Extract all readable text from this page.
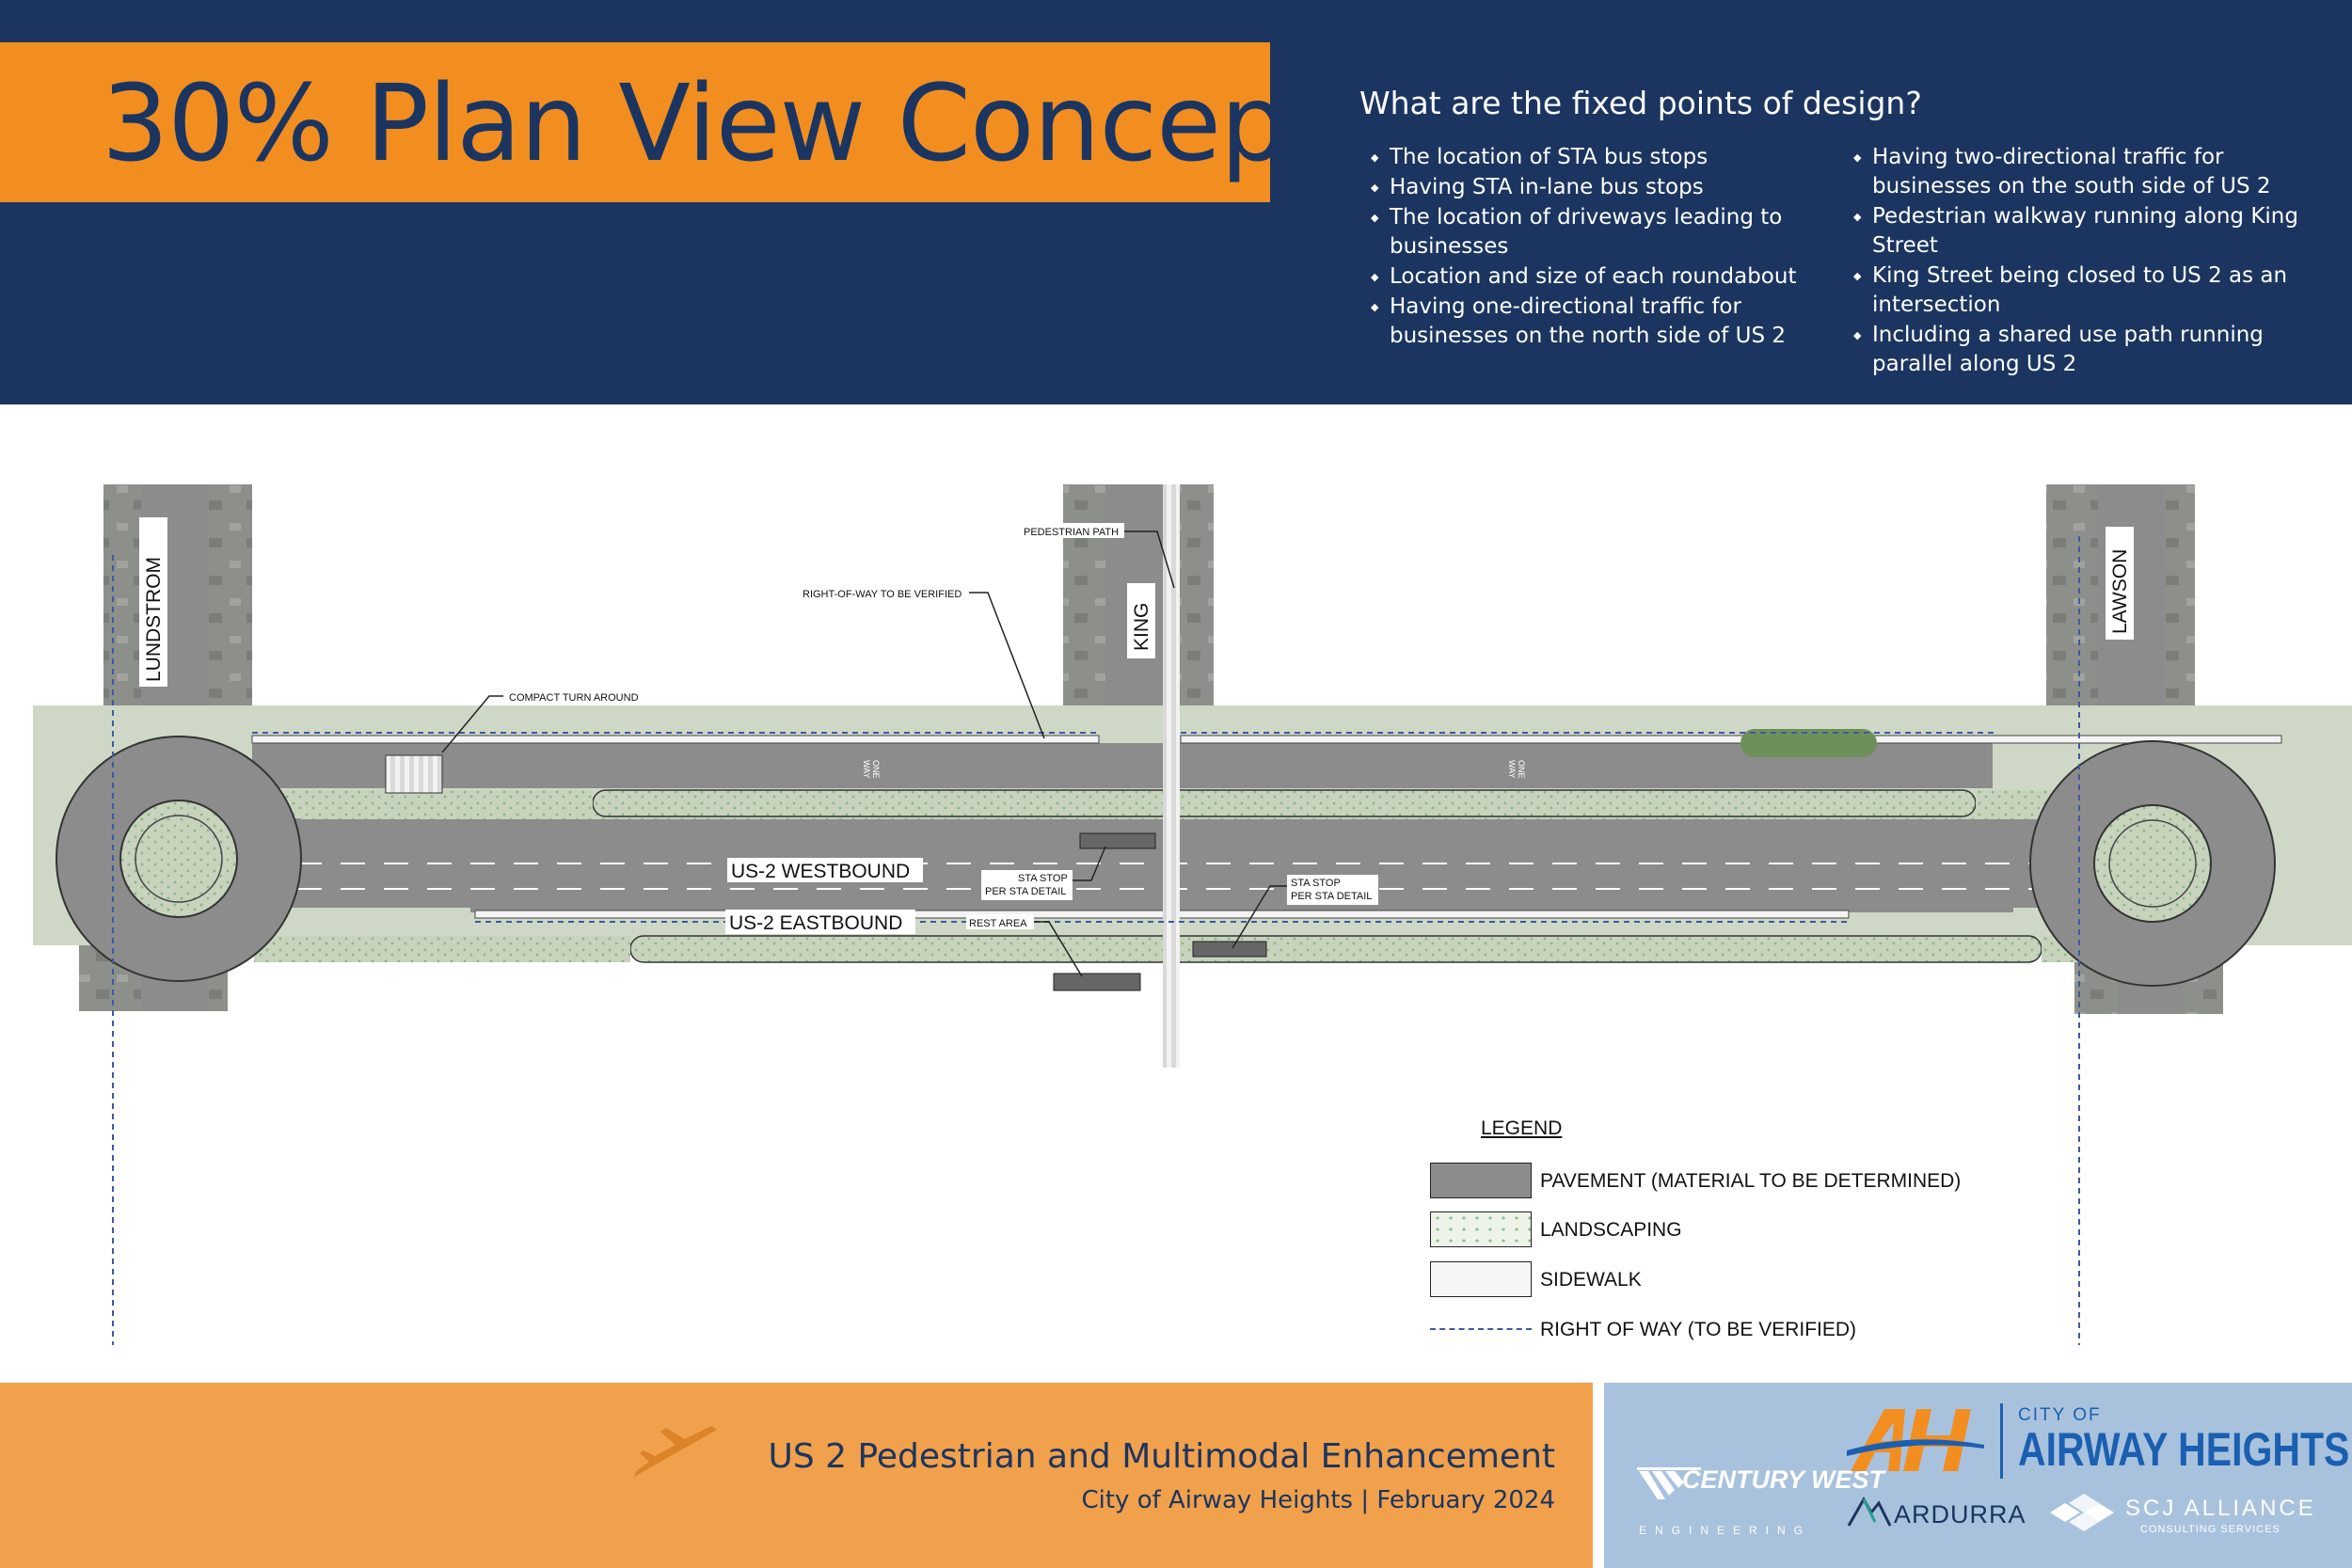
30% Plan View Concept What are the fixed points of design?
◆ The location of STA bus stops
◆ Having STA in-lane bus stops
◆ The location of driveways leading to businesses
◆ Location and size of each roundabout
◆ Having one-directional traffic for businesses on the north side of US 2
◆ Having two-directional traffic for businesses on the south side of US 2
◆ Pedestrian walkway running along King Street
◆ King Street being closed to US 2 as an intersection
◆ Including a shared use path running parallel along US 2
LUNDSTROM	KING	LAWSON
US-2 WESTBOUND
US-2 EASTBOUND
PEDESTRIAN PATH
RIGHT-OF-WAY TO BE VERIFIED
COMPACT TURN AROUND
STA STOP
PER STA DETAIL
STA STOP
PER STA DETAIL
REST AREA
ONE
WAY	ONE
WAY
LEGEND
PAVEMENT (MATERIAL TO BE DETERMINED)
LANDSCAPING
SIDEWALK
RIGHT OF WAY (TO BE VERIFIED)
US 2 Pedestrian and Multimodal Enhancement
City of Airway Heights | February 2024
CENTURY WEST
ENGINEERING
CITY OF
AIRWAY HEIGHTS
ARDURRA	SCJ ALLIANCE
CONSULTING SERVICES
